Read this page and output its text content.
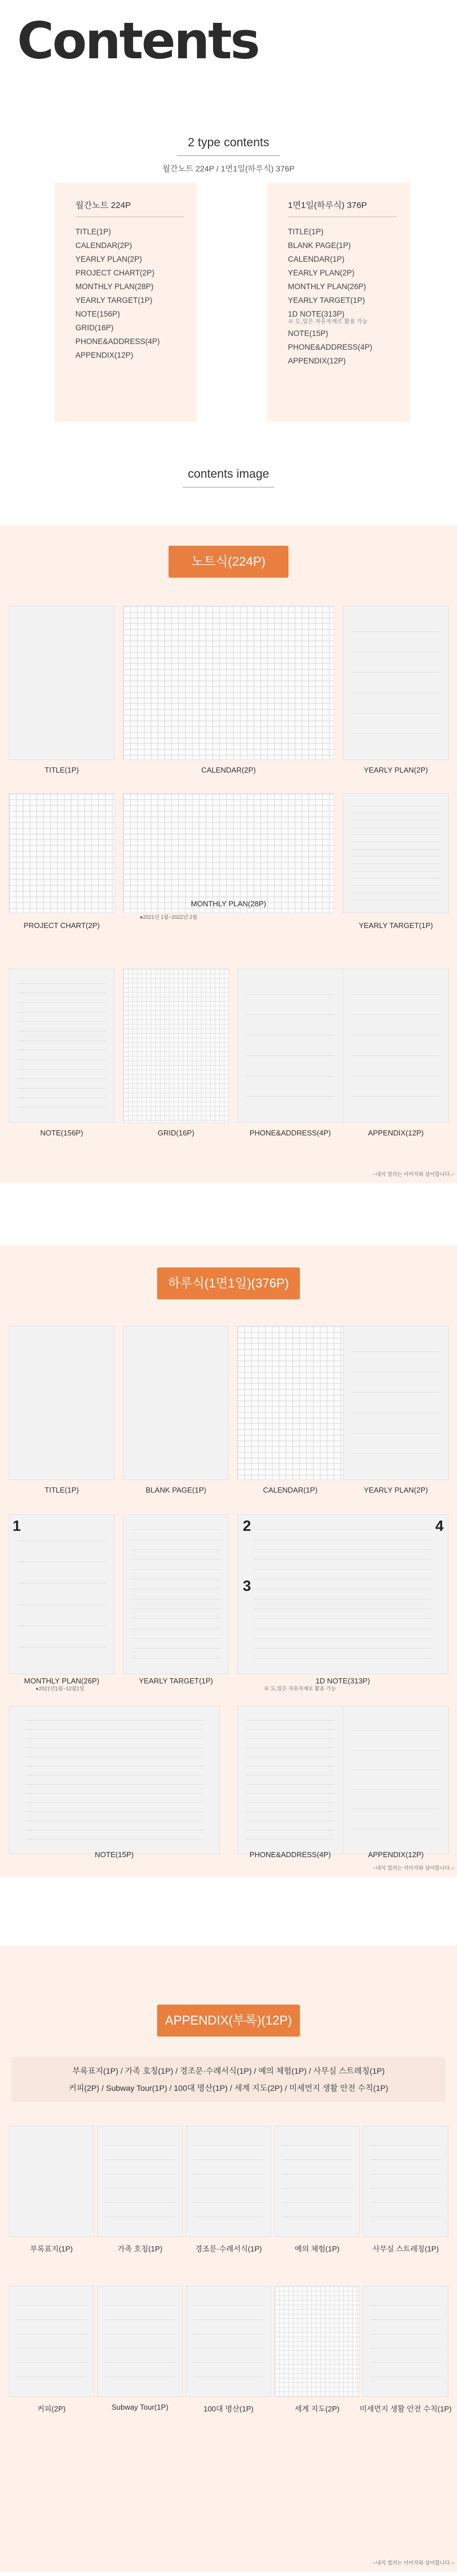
Contents
2 type contents
월간노트 224P / 1면1일(하루식) 376P
월간노트 224P
TITLE(1P)
CALENDAR(2P)
YEARLY PLAN(2P)
PROJECT CHART(2P)
MONTHLY PLAN(28P)
YEARLY TARGET(1P)
NOTE(156P)
GRID(16P)
PHONE&ADDRESS(4P)
APPENDIX(12P)
1면1일(하루식) 376P
TITLE(1P)
BLANK PAGE(1P)
CALENDAR(1P)
YEARLY PLAN(2P)
MONTHLY PLAN(26P)
YEARLY TARGET(1P)
1D NOTE(313P)
※ 도,일은 자유자재로 활용 가능
NOTE(15P)
PHONE&ADDRESS(4P)
APPENDIX(12P)
contents image
노트식(224P)
TITLE(1P)	CALENDAR(2P)	YEARLY PLAN(2P)
PROJECT CHART(2P)
MONTHLY PLAN(28P)
YEARLY TARGET(1P)
NOTE(156P)	GRID(16P)	PHONE&ADDRESS(4P)	APPENDIX(12P)
●2021년 1월~2022년 2월
~내지 컬러는 이미지와 상이합니다.~
하루식(1면1일)(376P)
TITLE(1P)	BLANK PAGE(1P)	CALENDAR(1P)	YEARLY PLAN(2P)
MONTHLY PLAN(26P)	YEARLY TARGET(1P)	1D NOTE(313P)
NOTE(15P)	PHONE&ADDRESS(4P)	APPENDIX(12P)
2	4
3
1
●2021년1월~12월1일	※ 도,일은 자유자재로 활용 가능
~내지 컬러는 이미지와 상이합니다.~
APPENDIX(부록)(12P)
부록표지(1P) / 가족 호칭(1P) / 경조문·수례서식(1P) / 예의 체험(1P) / 사무실 스트레칭(1P)
커피(2P) / Subway Tour(1P) / 100대 명산(1P) / 세계 지도(2P) / 미세먼지 생활 안전 수칙(1P)
부록표지(1P)	가족 호칭(1P)	경조문·수례서식(1P)	예의 체험(1P)	사무실 스트레칭(1P)
커피(2P)	Subway Tour(1P)	100대 명산(1P)	세계 지도(2P)	미세먼지 생활 안전 수칙(1P)
~내지 컬러는 이미지와 상이합니다.~
